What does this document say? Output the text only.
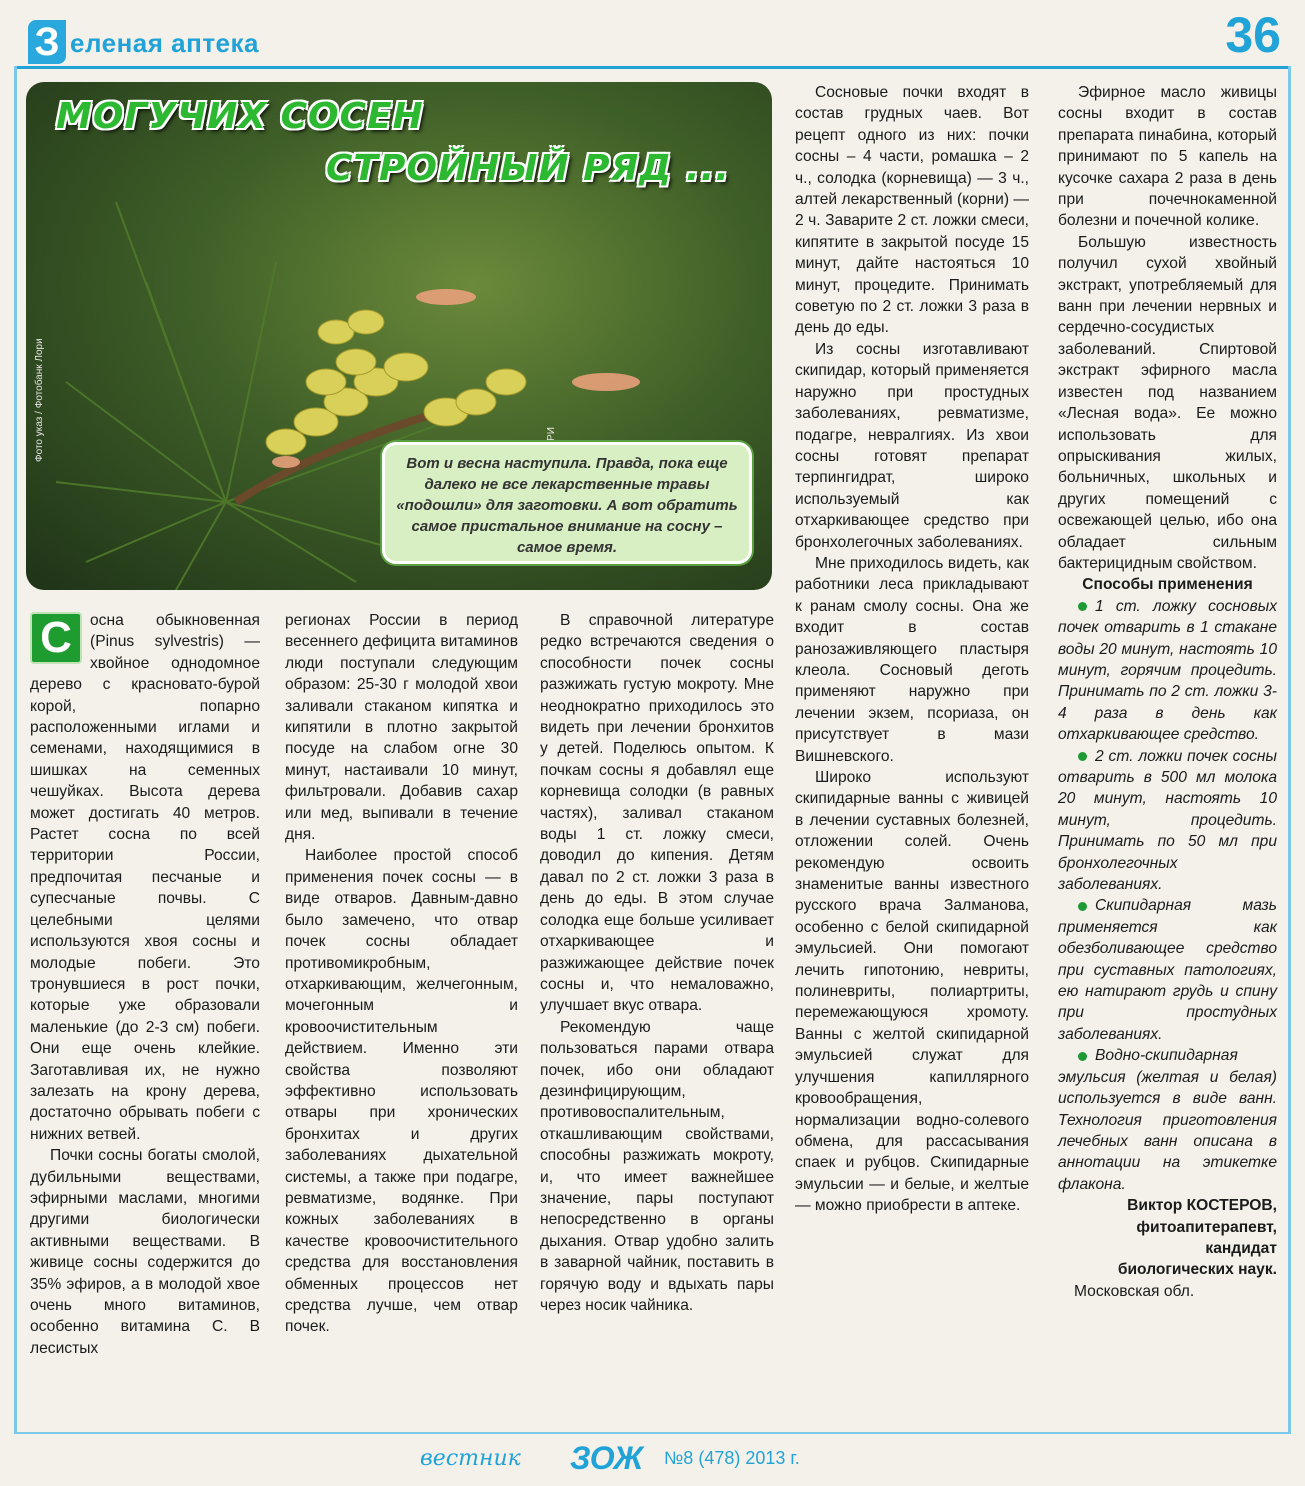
З еленая аптека	36
МОГУЧИХ СОСЕН
СТРОЙНЫЙ РЯД ...
Фото указ / Фотобанк Лори
Вот и весна наступила. Правда, пока еще далеко не все лекарственные травы «подошли» для заготовки. А вот обратить самое пристальное внимание на сосну – самое время.
С	осна обыкновенная (Pinus sylvestris) — хвойное однодомное дерево с красновато-бурой корой, попарно расположенными иглами и семенами, находящимися в шишках на семенных чешуйках. Высота дерева может достигать 40 метров. Растет сосна по всей территории России, предпочитая песчаные и супесчаные почвы. С целебными целями используются хвоя сосны и молодые побеги. Это тронувшиеся в рост почки, которые уже образовали маленькие (до 2-3 см) побеги. Они еще очень клейкие. Заготавливая их, не нужно залезать на крону дерева, достаточно обрывать побеги с нижних ветвей.

Почки сосны богаты смолой, дубильными веществами, эфирными маслами, многими другими биологически активными веществами. В живице сосны содержится до 35% эфиров, а в молодой хвое очень много витаминов, особенно витамина С. В лесистых

регионах России в период весеннего дефицита витаминов люди поступали следующим образом: 25-30 г молодой хвои заливали стаканом кипятка и кипятили в плотно закрытой посуде на слабом огне 30 минут, настаивали 10 минут, фильтровали. Добавив сахар или мед, выпивали в течение дня.

Наиболее простой способ применения почек сосны — в виде отваров. Давным-давно было замечено, что отвар почек сосны обладает противомикробным, отхаркивающим, желчегонным, мочегонным и кровоочистительным действием. Именно эти свойства позволяют эффективно использовать отвары при хронических бронхитах и других заболеваниях дыхательной системы, а также при подагре, ревматизме, водянке. При кожных заболеваниях в качестве кровоочистительного средства для восстановления обменных процессов нет средства лучше, чем отвар почек.

В справочной литературе редко встречаются сведения о способности почек сосны разжижать густую мокроту. Мне неоднократно приходилось это видеть при лечении бронхитов у детей. Поделюсь опытом. К почкам сосны я добавлял еще корневища солодки (в равных частях), заливал стаканом воды 1 ст. ложку смеси, доводил до кипения. Детям давал по 2 ст. ложки 3 раза в день до еды. В этом случае солодка еще больше усиливает отхаркивающее и разжижающее действие почек сосны и, что немаловажно, улучшает вкус отвара.

Рекомендую чаще пользоваться парами отвара почек, ибо они обладают дезинфицирующим, противовоспалительным, откашливающим свойствами, способны разжижать мокроту, и, что имеет важнейшее значение, пары поступают непосредственно в органы дыхания. Отвар удобно залить в заварной чайник, поставить в горячую воду и вдыхать пары через носик чайника.

Сосновые почки входят в состав грудных чаев. Вот рецепт одного из них: почки сосны – 4 части, ромашка – 2 ч., солодка (корневища) — 3 ч., алтей лекарственный (корни) — 2 ч. Заварите 2 ст. ложки смеси, кипятите в закрытой посуде 15 минут, дайте настояться 10 минут, процедите. Принимать советую по 2 ст. ложки 3 раза в день до еды.

Из сосны изготавливают скипидар, который применяется наружно при простудных заболеваниях, ревматизме, подагре, невралгиях. Из хвои сосны готовят препарат терпингидрат, широко используемый как отхаркивающее средство при бронхолегочных заболеваниях.

Мне приходилось видеть, как работники леса прикладывают к ранам смолу сосны. Она же входит в состав ранозаживляющего пластыря клеола. Сосновый деготь применяют наружно при лечении экзем, псориаза, он присутствует в мази Вишневского.

Широко используют скипидарные ванны с живицей в лечении суставных болезней, отложении солей. Очень рекомендую освоить знаменитые ванны известного русского врача Залманова, особенно с белой скипидарной эмульсией. Они помогают лечить гипотонию, невриты, полиневриты, полиартриты, перемежающуюся хромоту. Ванны с желтой скипидарной эмульсией служат для улучшения капиллярного кровообращения, нормализации водно-солевого обмена, для рассасывания спаек и рубцов. Скипидарные эмульсии — и белые, и желтые — можно приобрести в аптеке.

Эфирное масло живицы сосны входит в состав препарата пинабина, который принимают по 5 капель на кусочке сахара 2 раза в день при почечнокаменной болезни и почечной колике.

Большую известность получил сухой хвойный экстракт, употребляемый для ванн при лечении нервных и сердечно-сосудистых заболеваний. Спиртовой экстракт эфирного масла известен под названием «Лесная вода». Ее можно использовать для опрыскивания жилых, больничных, школьных и других помещений с освежающей целью, ибо она обладает сильным бактерицидным свойством.

Способы применения

1 ст. ложку сосновых почек отварить в 1 стакане воды 20 минут, настоять 10 минут, горячим процедить. Принимать по 2 ст. ложки 3-4 раза в день как отхаркивающее средство.

2 ст. ложки почек сосны отварить в 500 мл молока 20 минут, настоять 10 минут, процедить. Принимать по 50 мл при бронхолегочных заболеваниях.

Скипидарная мазь применяется как обезболивающее средство при суставных патологиях, ею натирают грудь и спину при простудных заболеваниях.

Водно-скипидарная эмульсия (желтая и белая) используется в виде ванн. Технология приготовления лечебных ванн описана в аннотации на этикетке флакона.

Виктор КОСТЕРОВ,

фитоапитерапевт,

кандидат

биологических наук.

Московская обл.

вестник ЗОЖ №8 (478) 2013 г.
